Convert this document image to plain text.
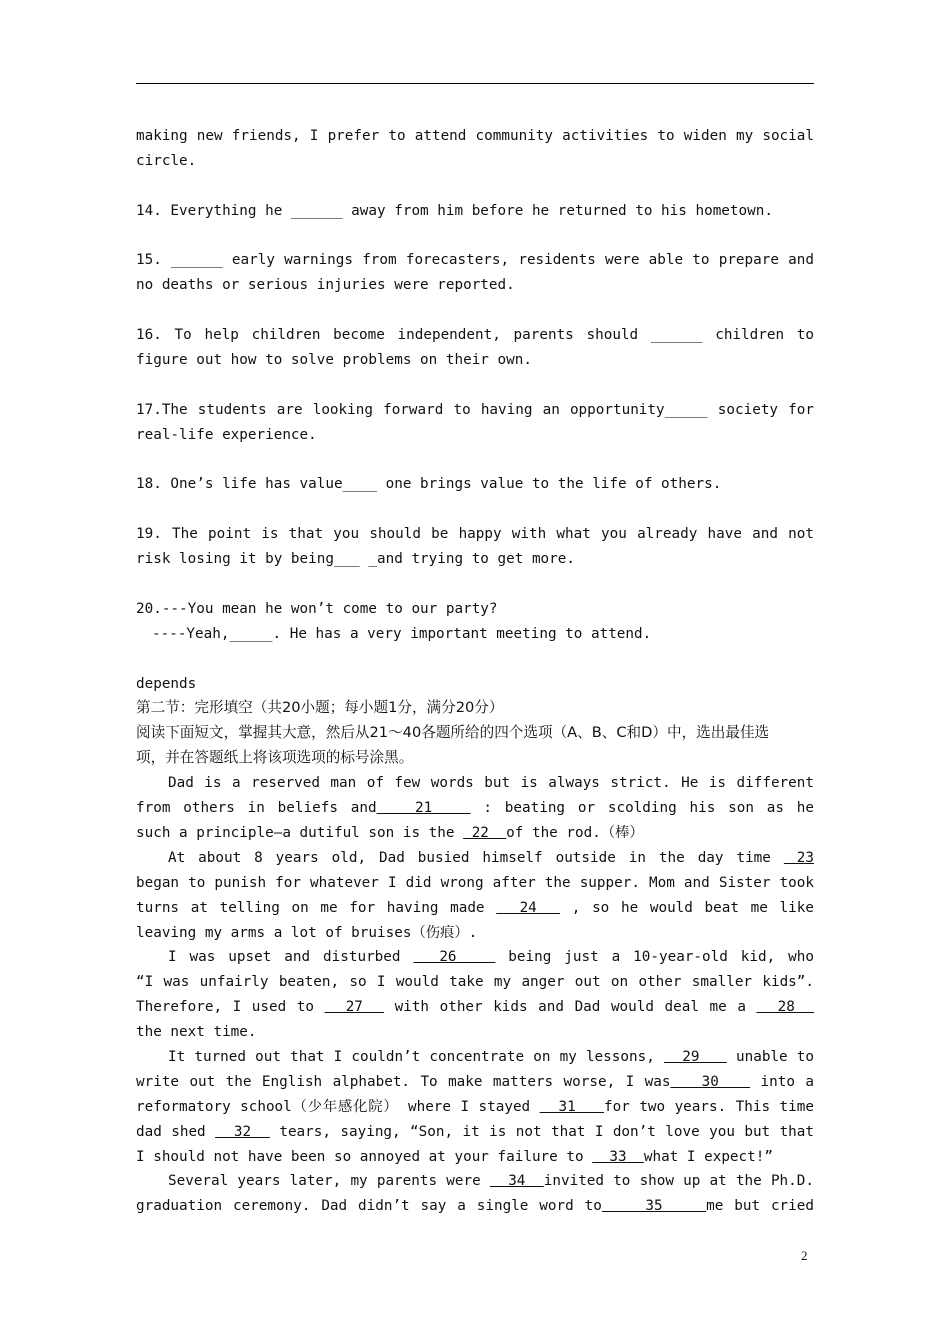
making new friends, I prefer to attend community activities to widen my social
circle.

14. Everything he ______ away from him before he returned to his hometown.

15. ______ early warnings from forecasters, residents were able to prepare and
no deaths or serious injuries were reported.

16. To help children become independent, parents should ______ children to
figure out how to solve problems on their own.

17.The students are looking forward to having an opportunity_____ society for
real-life experience.

18. One’s life has value____ one brings value to the life of others.

19. The point is that you should be happy with what you already have and not
risk losing it by being___ _and trying to get more.

20.---You mean he won’t come to our party?
----Yeah,_____. He has a very important meeting to attend.

depends
第二节：完形填空（共20小题；每小题1分，满分20分）
阅读下面短文，掌握其大意，然后从21～40各题所给的四个选项（A、B、C和D）中，选出最佳选
项，并在答题纸上将该项选项的标号涂黑。
Dad is a reserved man of few words but is always strict. He is different
from others in beliefs and   21    : beating or scolding his son as he
such a principle—a dutiful son is the  22  of the rod.（棒）
At about 8 years old, Dad busied himself outside in the day time  23
began to punish for whatever I did wrong after the supper. Mom and Sister took
turns at telling on me for having made   24   , so he would beat me like
leaving my arms a lot of bruises（伤痕）.
I was upset and disturbed   26    being just a 10-year-old kid, who
“I was unfairly beaten, so I would take my anger out on other smaller kids”.
Therefore, I used to   27   with other kids and Dad would deal me a   28
the next time.
It turned out that I couldn’t concentrate on my lessons,   29    unable to
write out the English alphabet. To make matters worse, I was   30    into a
reformatory school（少年感化院） where I stayed   31   for two years. This time
dad shed   32   tears, saying, “Son, it is not that I don’t love you but that
I should not have been so annoyed at your failure to   33  what I expect!”
Several years later, my parents were   34  invited to show up at the Ph.D.
graduation ceremony. Dad didn’t say a single word to    35    me but cried
2
